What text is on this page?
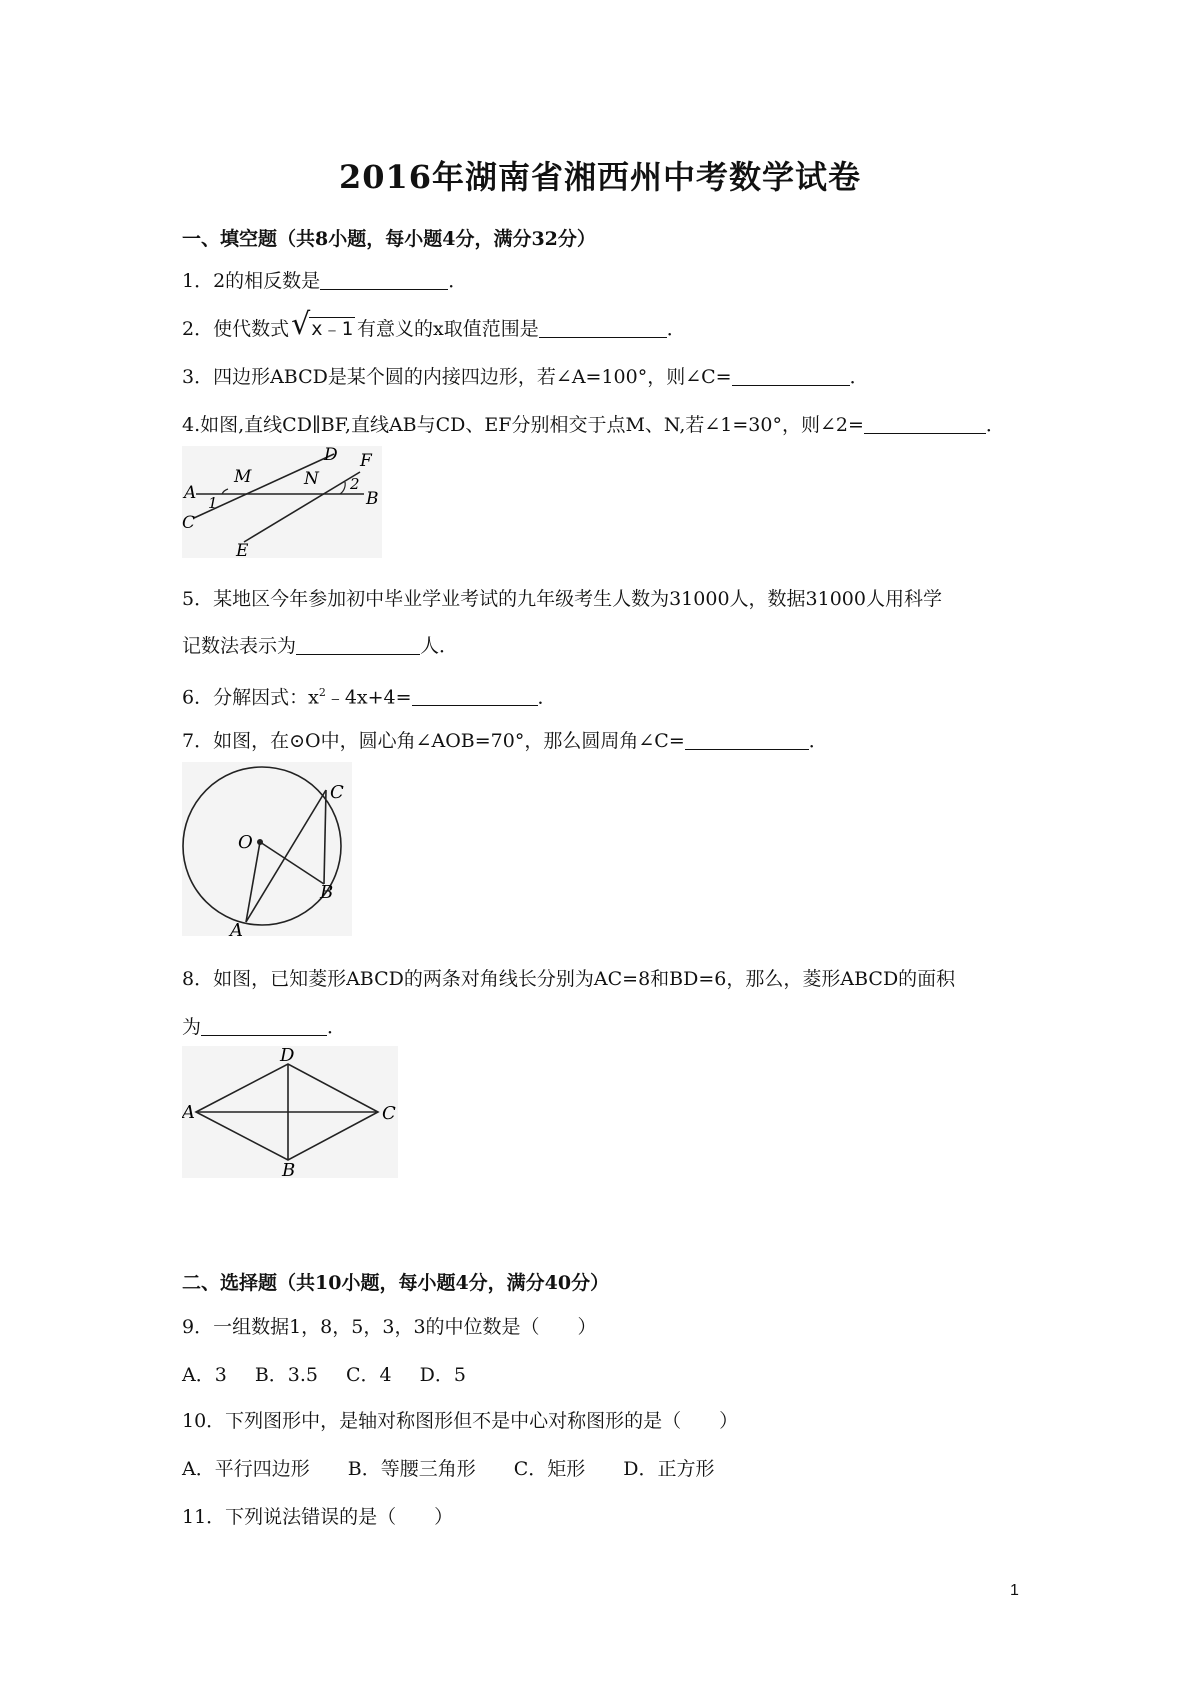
2016年湖南省湘西州中考数学试卷
一、填空题（共8小题，每小题4分，满分32分）
1．2的相反数是	．
2．使代数式 √ x﹣1 有意义的x取值范围是	．
3．四边形ABCD是某个圆的内接四边形，若∠A=100°，则∠C=	．
4.如图,直线CD∥BF,直线AB与CD、EF分别相交于点M、N,若∠1=30°，则∠2=	．
A
M
D
N
F
2
B
1
C
E
5．某地区今年参加初中毕业学业考试的九年级考生人数为31000人，数据31000人用科学
记数法表示为	人．
6．分解因式：$x^2﹣4x+4=$	．
7．如图，在⊙O中，圆心角∠AOB=70°，那么圆周角∠C=	．
O
C
B
A
8．如图，已知菱形ABCD的两条对角线长分别为AC=8和BD=6，那么，菱形ABCD的面积
为	．
D
A	C
B
二、选择题（共10小题，每小题4分，满分40分）
9．一组数据1，8，5，3，3的中位数是（　　）
A．3 B．3.5 C．4 D．5
10．下列图形中，是轴对称图形但不是中心对称图形的是（　　）
A．平行四边形 B．等腰三角形 C．矩形 D．正方形
11．下列说法错误的是（　　）
1
